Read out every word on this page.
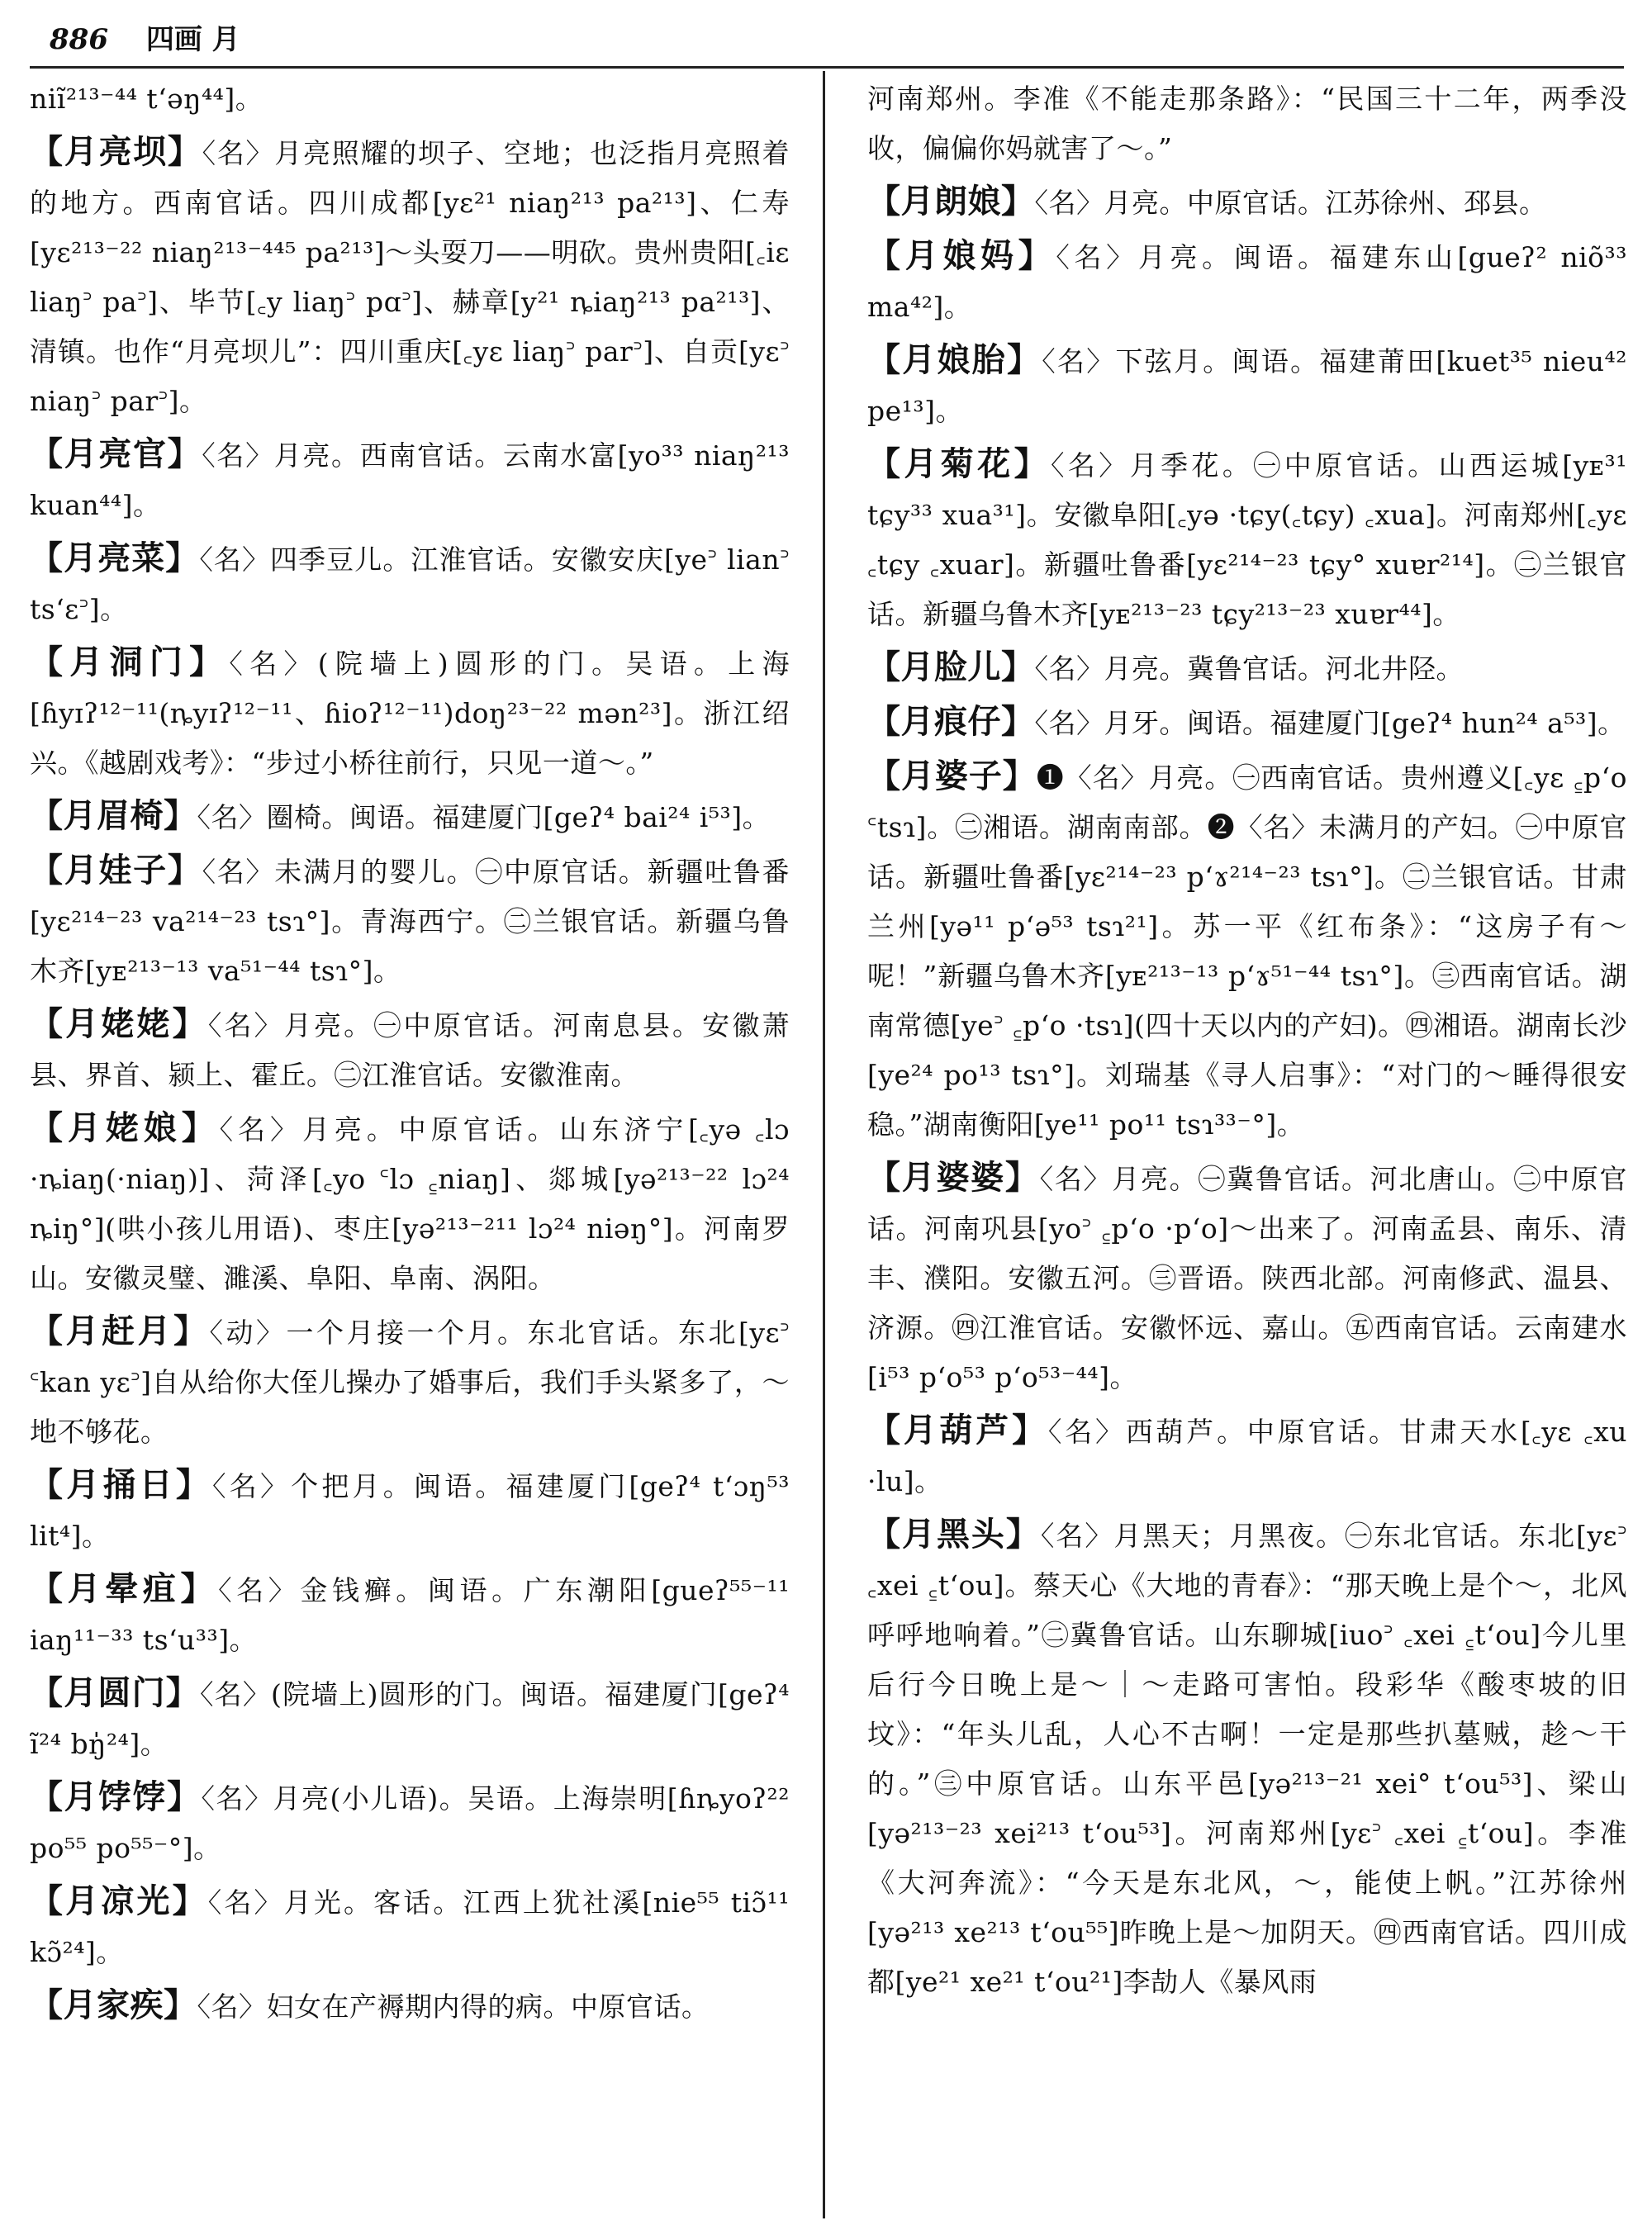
886 四画 月

niĩ²¹³⁻⁴⁴ tʻəŋ⁴⁴]。

【月亮坝】〈名〉月亮照耀的坝子、空地；也泛指月亮照着的地方。西南官话。四川成都[yɛ²¹ niaŋ²¹³ pa²¹³]、仁寿[yɛ²¹³⁻²² niaŋ²¹³⁻⁴⁴⁵ pa²¹³]～头耍刀——明砍。贵州贵阳[꜀iɛ liaŋ꜄ pa꜄]、毕节[꜀y liaŋ꜄ pɑ꜄]、赫章[y²¹ ȵiaŋ²¹³ pa²¹³]、清镇。也作“月亮坝儿”：四川重庆[꜀yɛ liaŋ꜄ par꜄]、自贡[yɛ꜄ niaŋ꜄ par꜄]。

【月亮官】〈名〉月亮。西南官话。云南水富[yo³³ niaŋ²¹³ kuan⁴⁴]。

【月亮菜】〈名〉四季豆儿。江淮官话。安徽安庆[ye꜄ lian꜄ tsʻɛ꜄]。

【月洞门】〈名〉(院墙上)圆形的门。吴语。上海[ɦyɪʔ¹²⁻¹¹(ȵyɪʔ¹²⁻¹¹、ɦioʔ¹²⁻¹¹)doŋ²³⁻²² mən²³]。浙江绍兴。《越剧戏考》：“步过小桥往前行，只见一道～。”

【月眉椅】〈名〉圈椅。闽语。福建厦门[geʔ⁴ bai²⁴ i⁵³]。

【月娃子】〈名〉未满月的婴儿。㊀中原官话。新疆吐鲁番[yɛ²¹⁴⁻²³ va²¹⁴⁻²³ tsɿ°]。青海西宁。㊁兰银官话。新疆乌鲁木齐[yᴇ²¹³⁻¹³ va⁵¹⁻⁴⁴ tsɿ°]。

【月姥姥】〈名〉月亮。㊀中原官话。河南息县。安徽萧县、界首、颍上、霍丘。㊁江淮官话。安徽淮南。

【月姥娘】〈名〉月亮。中原官话。山东济宁[꜀yə ꜀lɔ ·ȵiaŋ(·niaŋ)]、菏泽[꜀yo ꜂lɔ ꜁niaŋ]、郯城[yə²¹³⁻²² lɔ²⁴ ȵiŋ°](哄小孩儿用语)、枣庄[yə²¹³⁻²¹¹ lɔ²⁴ niəŋ°]。河南罗山。安徽灵璧、濉溪、阜阳、阜南、涡阳。

【月赶月】〈动〉一个月接一个月。东北官话。东北[yɛ꜄ ꜂kan yɛ꜄]自从给你大侄儿操办了婚事后，我们手头紧多了，～地不够花。

【月捅日】〈名〉个把月。闽语。福建厦门[geʔ⁴ tʻɔŋ⁵³ lit⁴]。

【月晕疽】〈名〉金钱癣。闽语。广东潮阳[gueʔ⁵⁵⁻¹¹ iaŋ¹¹⁻³³ tsʻu³³]。

【月圆门】〈名〉(院墙上)圆形的门。闽语。福建厦门[geʔ⁴ ĩ²⁴ bŋ̍²⁴]。

【月饽饽】〈名〉月亮(小儿语)。吴语。上海崇明[ɦȵyoʔ²² po⁵⁵ po⁵⁵⁻°]。

【月凉光】〈名〉月光。客话。江西上犹社溪[nie⁵⁵ tiɔ̃¹¹ kɔ̃²⁴]。

【月家疾】〈名〉妇女在产褥期内得的病。中原官话。

河南郑州。李准《不能走那条路》：“民国三十二年，两季没收，偏偏你妈就害了～。”

【月朗娘】〈名〉月亮。中原官话。江苏徐州、邳县。

【月娘妈】〈名〉月亮。闽语。福建东山[gueʔ² niõ³³ ma⁴²]。

【月娘胎】〈名〉下弦月。闽语。福建莆田[kuet³⁵ nieu⁴² pe¹³]。

【月菊花】〈名〉月季花。㊀中原官话。山西运城[yᴇ³¹ tɕy³³ xua³¹]。安徽阜阳[꜀yə ·tɕy(꜀tɕy) ꜀xua]。河南郑州[꜀yɛ ꜀tɕy ꜀xuar]。新疆吐鲁番[yɛ²¹⁴⁻²³ tɕy° xuɐr²¹⁴]。㊁兰银官话。新疆乌鲁木齐[yᴇ²¹³⁻²³ tɕy²¹³⁻²³ xuɐr⁴⁴]。

【月脸儿】〈名〉月亮。冀鲁官话。河北井陉。

【月痕仔】〈名〉月牙。闽语。福建厦门[geʔ⁴ hun²⁴ a⁵³]。

【月婆子】❶〈名〉月亮。㊀西南官话。贵州遵义[꜀yɛ ꜁pʻo ꜂tsɿ]。㊁湘语。湖南南部。❷〈名〉未满月的产妇。㊀中原官话。新疆吐鲁番[yɛ²¹⁴⁻²³ pʻɤ²¹⁴⁻²³ tsɿ°]。㊁兰银官话。甘肃兰州[yə¹¹ pʻə⁵³ tsɿ²¹]。苏一平《红布条》：“这房子有～呢！”新疆乌鲁木齐[yᴇ²¹³⁻¹³ pʻɤ⁵¹⁻⁴⁴ tsɿ°]。㊂西南官话。湖南常德[ye꜄ ꜁pʻo ·tsɿ](四十天以内的产妇)。㊃湘语。湖南长沙[ye²⁴ po¹³ tsɿ°]。刘瑞基《寻人启事》：“对门的～睡得很安稳。”湖南衡阳[ye¹¹ po¹¹ tsɿ³³⁻°]。

【月婆婆】〈名〉月亮。㊀冀鲁官话。河北唐山。㊁中原官话。河南巩县[yo꜄ ꜁pʻo ·pʻo]～出来了。河南孟县、南乐、清丰、濮阳。安徽五河。㊂晋语。陕西北部。河南修武、温县、济源。㊃江淮官话。安徽怀远、嘉山。㊄西南官话。云南建水[i⁵³ pʻo⁵³ pʻo⁵³⁻⁴⁴]。

【月葫芦】〈名〉西葫芦。中原官话。甘肃天水[꜀yɛ ꜀xu ·lu]。

【月黑头】〈名〉月黑天；月黑夜。㊀东北官话。东北[yɛ꜄ ꜀xei ꜁tʻou]。蔡天心《大地的青春》：“那天晚上是个～，北风呼呼地响着。”㊁冀鲁官话。山东聊城[iuo꜄ ꜀xei ꜁tʻou]今儿里后行今日晚上是～｜～走路可害怕。段彩华《酸枣坡的旧坟》：“年头儿乱，人心不古啊！一定是那些扒墓贼，趁～干的。”㊂中原官话。山东平邑[yə²¹³⁻²¹ xei° tʻou⁵³]、梁山[yə²¹³⁻²³ xei²¹³ tʻou⁵³]。河南郑州[yɛ꜄ ꜀xei ꜁tʻou]。李准《大河奔流》：“今天是东北风，～，能使上帆。”江苏徐州[yə²¹³ xe²¹³ tʻou⁵⁵]昨晚上是～加阴天。㊃西南官话。四川成都[ye²¹ xe²¹ tʻou²¹]李劼人《暴风雨
